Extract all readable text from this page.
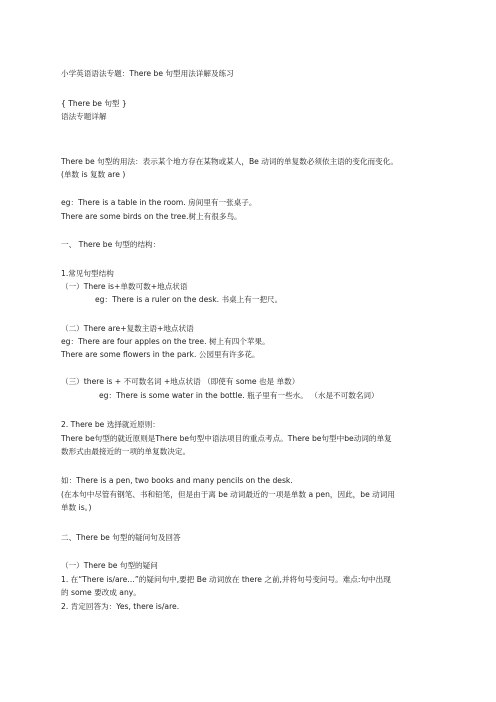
小学英语语法专题：There be 句型用法详解及练习
{ There be 句型 }
语法专题详解
There be 句型的用法：表示某个地方存在某物或某人，Be 动词的单复数必须依主语的变化而变化。
(单数 is 复数 are )
eg：There is a table in the room. 房间里有一张桌子。
There are some birds on the tree.树上有很多鸟。
一、 There be 句型的结构：
1.常见句型结构
（一）There is+单数可数+地点状语
eg：There is a ruler on the desk. 书桌上有一把尺。
（二）There are+复数主语+地点状语
eg：There are four apples on the tree. 树上有四个苹果。
There are some flowers in the park. 公园里有许多花。
（三）there is + 不可数名词 +地点状语 （即使有 some 也是 单数）
eg：There is some water in the bottle. 瓶子里有一些水。 （水是不可数名词）
2. There be 选择就近原则：
There be句型的就近原则是There be句型中语法项目的重点考点。There be句型中be动词的单复
数形式由最接近的一项的单复数决定。
如：There is a pen, two books and many pencils on the desk.
(在本句中尽管有钢笔、书和铅笔，但是由于离 be 动词最近的一项是单数 a pen，因此，be 动词用
单数 is。)
二、There be 句型的疑问句及回答
（一）There be 句型的疑问
1. 在“There is/are…”的疑问句中,要把 Be 动词放在 there 之前,并将句号变问号。难点:句中出现
的 some 要改成 any。
2. 肯定回答为：Yes, there is/are.
